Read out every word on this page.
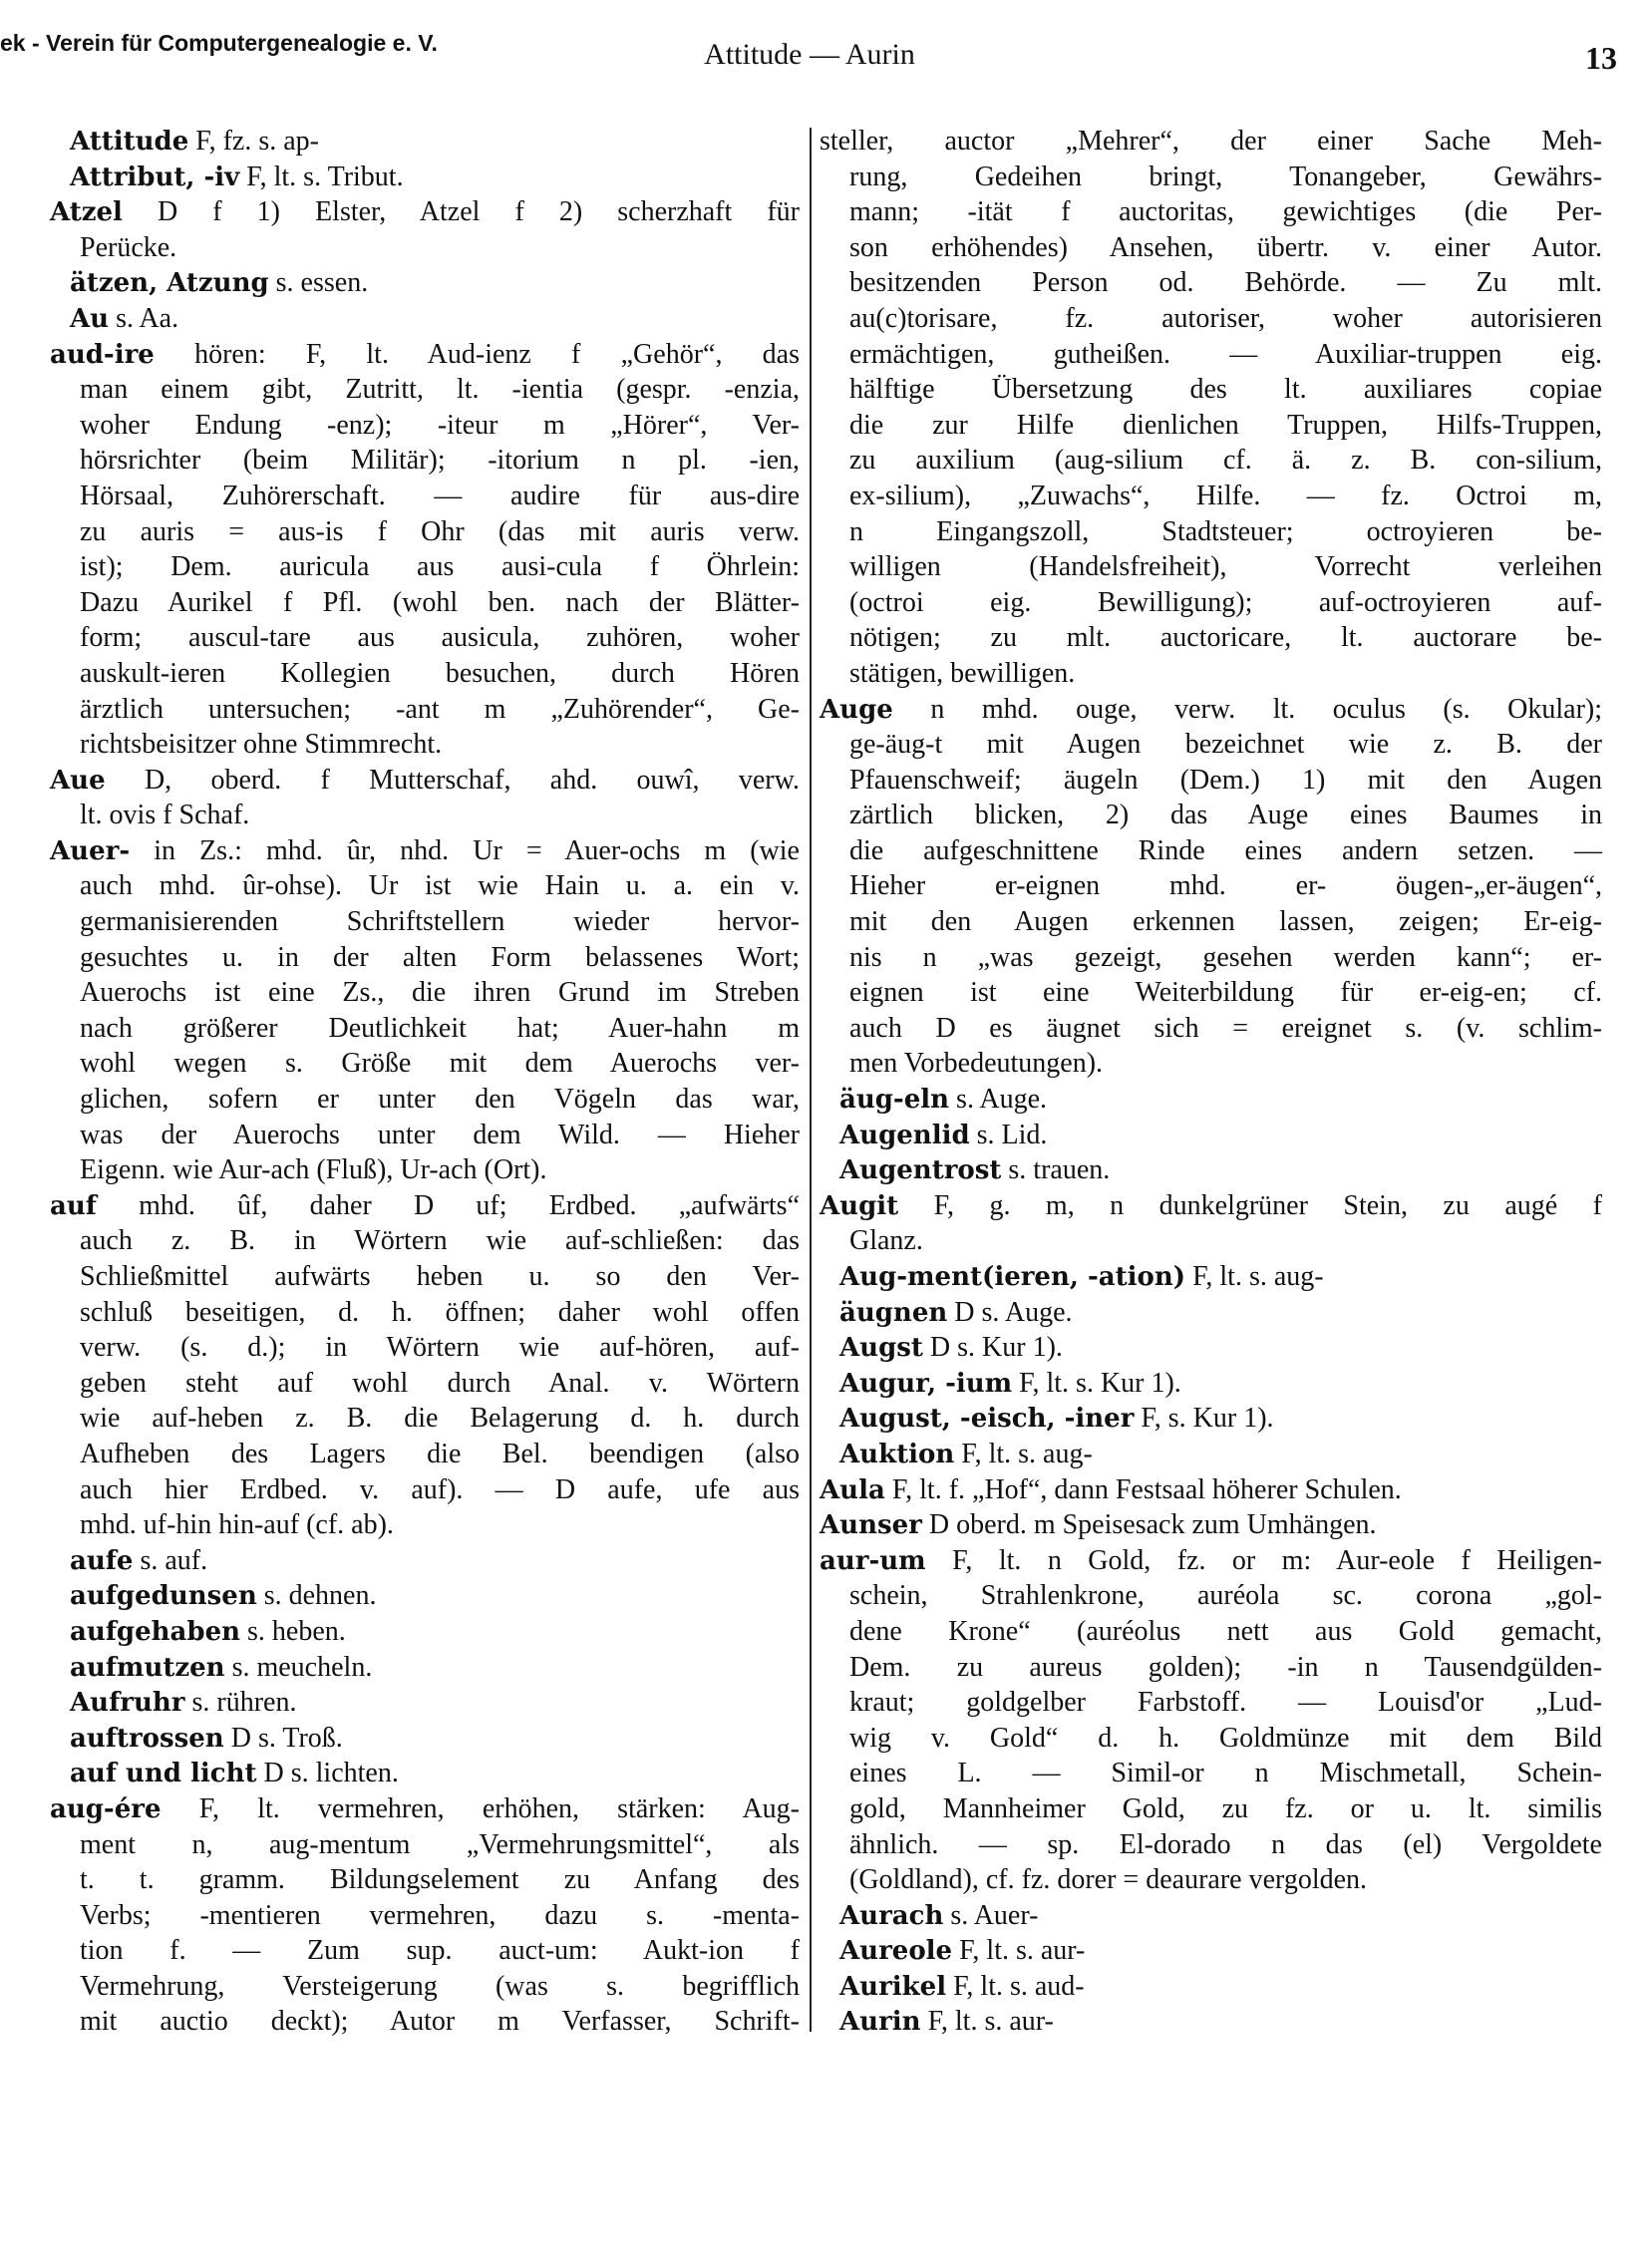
ek - Verein für Computergenealogie e. V.	Attitude — Aurin	13
Attitude F, fz. s. ap-
Attribut, -iv F, lt. s. Tribut.
Atzel D f 1) Elster, Atzel f 2) scherzhaft für
Perücke.
ätzen, Atzung s. essen.
Au s. Aa.
aud-ire hören: F, lt. Aud-ienz f „Gehör“, das
man einem gibt, Zutritt, lt. -ientia (gespr. -enzia,
woher Endung -enz); -iteur m „Hörer“, Ver-
hörsrichter (beim Militär); -itorium n pl. -ien,
Hörsaal, Zuhörerschaft. — audire für aus-dire
zu auris = aus-is f Ohr (das mit auris verw.
ist); Dem. auricula aus ausi-cula f Öhrlein:
Dazu Aurikel f Pfl. (wohl ben. nach der Blätter-
form; auscul-tare aus ausicula, zuhören, woher
auskult-ieren Kollegien besuchen, durch Hören
ärztlich untersuchen; -ant m „Zuhörender“, Ge-
richtsbeisitzer ohne Stimmrecht.
Aue D, oberd. f Mutterschaf, ahd. ouwî, verw.
lt. ovis f Schaf.
Auer- in Zs.: mhd. ûr, nhd. Ur = Auer-ochs m (wie
auch mhd. ûr-ohse). Ur ist wie Hain u. a. ein v.
germanisierenden Schriftstellern wieder hervor-
gesuchtes u. in der alten Form belassenes Wort;
Auerochs ist eine Zs., die ihren Grund im Streben
nach größerer Deutlichkeit hat; Auer-hahn m
wohl wegen s. Größe mit dem Auerochs ver-
glichen, sofern er unter den Vögeln das war,
was der Auerochs unter dem Wild. — Hieher
Eigenn. wie Aur-ach (Fluß), Ur-ach (Ort).
auf mhd. ûf, daher D uf; Erdbed. „aufwärts“
auch z. B. in Wörtern wie auf-schließen: das
Schließmittel aufwärts heben u. so den Ver-
schluß beseitigen, d. h. öffnen; daher wohl offen
verw. (s. d.); in Wörtern wie auf-hören, auf-
geben steht auf wohl durch Anal. v. Wörtern
wie auf-heben z. B. die Belagerung d. h. durch
Aufheben des Lagers die Bel. beendigen (also
auch hier Erdbed. v. auf). — D aufe, ufe aus
mhd. uf-hin hin-auf (cf. ab).
aufe s. auf.
aufgedunsen s. dehnen.
aufgehaben s. heben.
aufmutzen s. meucheln.
Aufruhr s. rühren.
auftrossen D s. Troß.
auf und licht D s. lichten.
aug-ére F, lt. vermehren, erhöhen, stärken: Aug-
ment n, aug-mentum „Vermehrungsmittel“, als
t. t. gramm. Bildungselement zu Anfang des
Verbs; -mentieren vermehren, dazu s. -menta-
tion f. — Zum sup. auct-um: Aukt-ion f
Vermehrung, Versteigerung (was s. begrifflich
mit auctio deckt); Autor m Verfasser, Schrift-
steller, auctor „Mehrer“, der einer Sache Meh-
rung, Gedeihen bringt, Tonangeber, Gewährs-
mann; -ität f auctoritas, gewichtiges (die Per-
son erhöhendes) Ansehen, übertr. v. einer Autor.
besitzenden Person od. Behörde. — Zu mlt.
au(c)torisare, fz. autoriser, woher autorisieren
ermächtigen, gutheißen. — Auxiliar-truppen eig.
hälftige Übersetzung des lt. auxiliares copiae
die zur Hilfe dienlichen Truppen, Hilfs-Truppen,
zu auxilium (aug-silium cf. ä. z. B. con-silium,
ex-silium), „Zuwachs“, Hilfe. — fz. Octroi m,
n Eingangszoll, Stadtsteuer; octroyieren be-
willigen (Handelsfreiheit), Vorrecht verleihen
(octroi eig. Bewilligung); auf-octroyieren auf-
nötigen; zu mlt. auctoricare, lt. auctorare be-
stätigen, bewilligen.
Auge n mhd. ouge, verw. lt. oculus (s. Okular);
ge-äug-t mit Augen bezeichnet wie z. B. der
Pfauenschweif; äugeln (Dem.) 1) mit den Augen
zärtlich blicken, 2) das Auge eines Baumes in
die aufgeschnittene Rinde eines andern setzen. —
Hieher er-eignen mhd. er- öugen-„er-äugen“,
mit den Augen erkennen lassen, zeigen; Er-eig-
nis n „was gezeigt, gesehen werden kann“; er-
eignen ist eine Weiterbildung für er-eig-en; cf.
auch D es äugnet sich = ereignet s. (v. schlim-
men Vorbedeutungen).
äug-eln s. Auge.
Augenlid s. Lid.
Augentrost s. trauen.
Augit F, g. m, n dunkelgrüner Stein, zu augé f
Glanz.
Aug-ment(ieren, -ation) F, lt. s. aug-
äugnen D s. Auge.
Augst D s. Kur 1).
Augur, -ium F, lt. s. Kur 1).
August, -eisch, -iner F, s. Kur 1).
Auktion F, lt. s. aug-
Aula F, lt. f. „Hof“, dann Festsaal höherer Schulen.
Aunser D oberd. m Speisesack zum Umhängen.
aur-um F, lt. n Gold, fz. or m: Aur-eole f Heiligen-
schein, Strahlenkrone, auréola sc. corona „gol-
dene Krone“ (auréolus nett aus Gold gemacht,
Dem. zu aureus golden); -in n Tausendgülden-
kraut; goldgelber Farbstoff. — Louisd'or „Lud-
wig v. Gold“ d. h. Goldmünze mit dem Bild
eines L. — Simil-or n Mischmetall, Schein-
gold, Mannheimer Gold, zu fz. or u. lt. similis
ähnlich. — sp. El-dorado n das (el) Vergoldete
(Goldland), cf. fz. dorer = deaurare vergolden.
Aurach s. Auer-
Aureole F, lt. s. aur-
Aurikel F, lt. s. aud-
Aurin F, lt. s. aur-
